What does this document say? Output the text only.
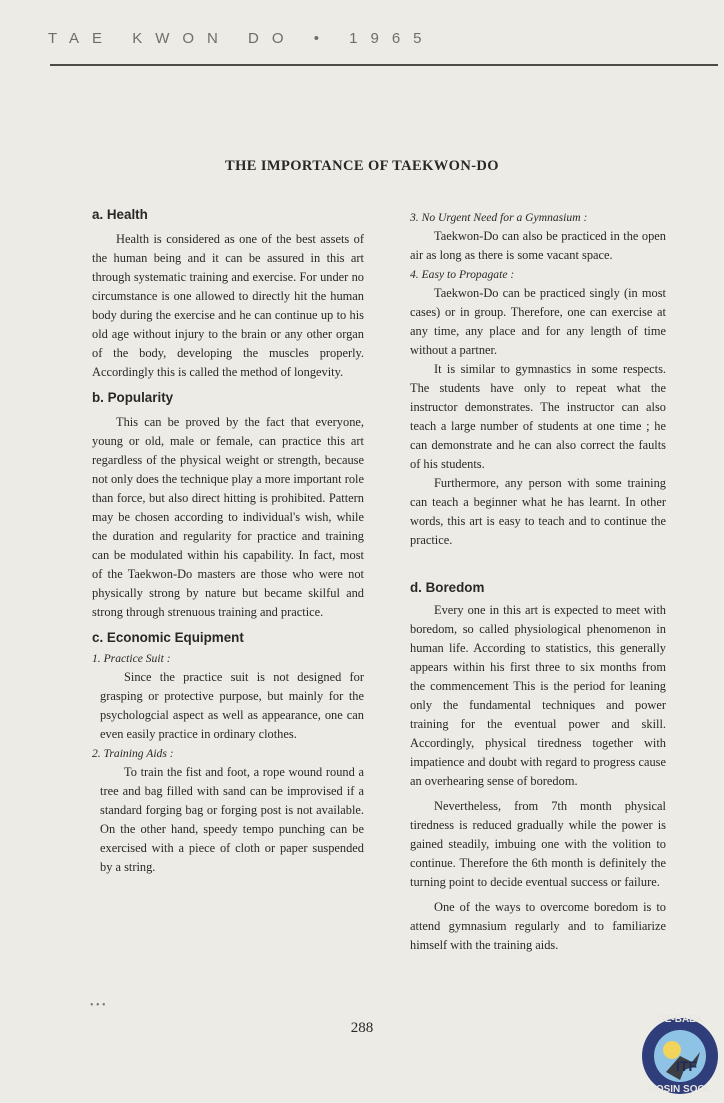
TAE KWON DO • 1965
THE IMPORTANCE OF TAEKWON-DO
a. Health

Health is considered as one of the best assets of the human being and it can be assured in this art through systematic training and exercise. For under no circumstance is one allowed to directly hit the human body during the exercise and he can continue up to his old age without injury to the brain or any other organ of the body, developing the muscles properly. Accordingly this is called the method of longevity.

b. Popularity

This can be proved by the fact that everyone, young or old, male or female, can practice this art regardless of the physical weight or strength, because not only does the technique play a more important role than force, but also direct hitting is prohibited. Pattern may be chosen according to individual's wish, while the duration and regularity for practice and training can be modulated within his capability. In fact, most of the Taekwon-Do masters are those who were not physically strong by nature but became skilful and strong through strenuous training and practice.

c. Economic Equipment

1. Practice Suit :

Since the practice suit is not designed for grasping or protective purpose, but mainly for the psychologcial aspect as well as appearance, one can even easily practice in ordinary clothes.

2. Training Aids :

To train the fist and foot, a rope wound round a tree and bag filled with sand can be improvised if a standard forging bag or forging post is not available. On the other hand, speedy tempo punching can be exercised with a piece of cloth or paper suspended by a string.

3. No Urgent Need for a Gymnasium :

Taekwon-Do can also be practiced in the open air as long as there is some vacant space.

4. Easy to Propagate :

Taekwon-Do can be practiced singly (in most cases) or in group. Therefore, one can exercise at any time, any place and for any length of time without a partner.

It is similar to gymnastics in some respects. The students have only to repeat what the instructor demonstrates. The instructor can also teach a large number of students at one time ; he can demonstrate and he can also correct the faults of his students.

Furthermore, any person with some training can teach a beginner what he has learnt. In other words, this art is easy to teach and to continue the practice.

d. Boredom

Every one in this art is expected to meet with boredom, so called physiological phenomenon in human life. According to statistics, this generally appears within his first three to six months from the commencement This is the period for leaning only the fundamental techniques and power training for the eventual power and skill. Accordingly, physical tiredness together with impatience and doubt with regard to progress cause an overhearing sense of boredom.

Nevertheless, from 7th month physical tiredness is reduced gradually while the power is gained steadily, imbuing one with the volition to continue. Therefore the 6th month is definitely the turning point to decide eventual success or failure.

One of the ways to overcome boredom is to attend gymnasium regularly and to familiarize himself with the training aids.

• • •
288
GE-BAEK
ITF
HOSIN SOOL
